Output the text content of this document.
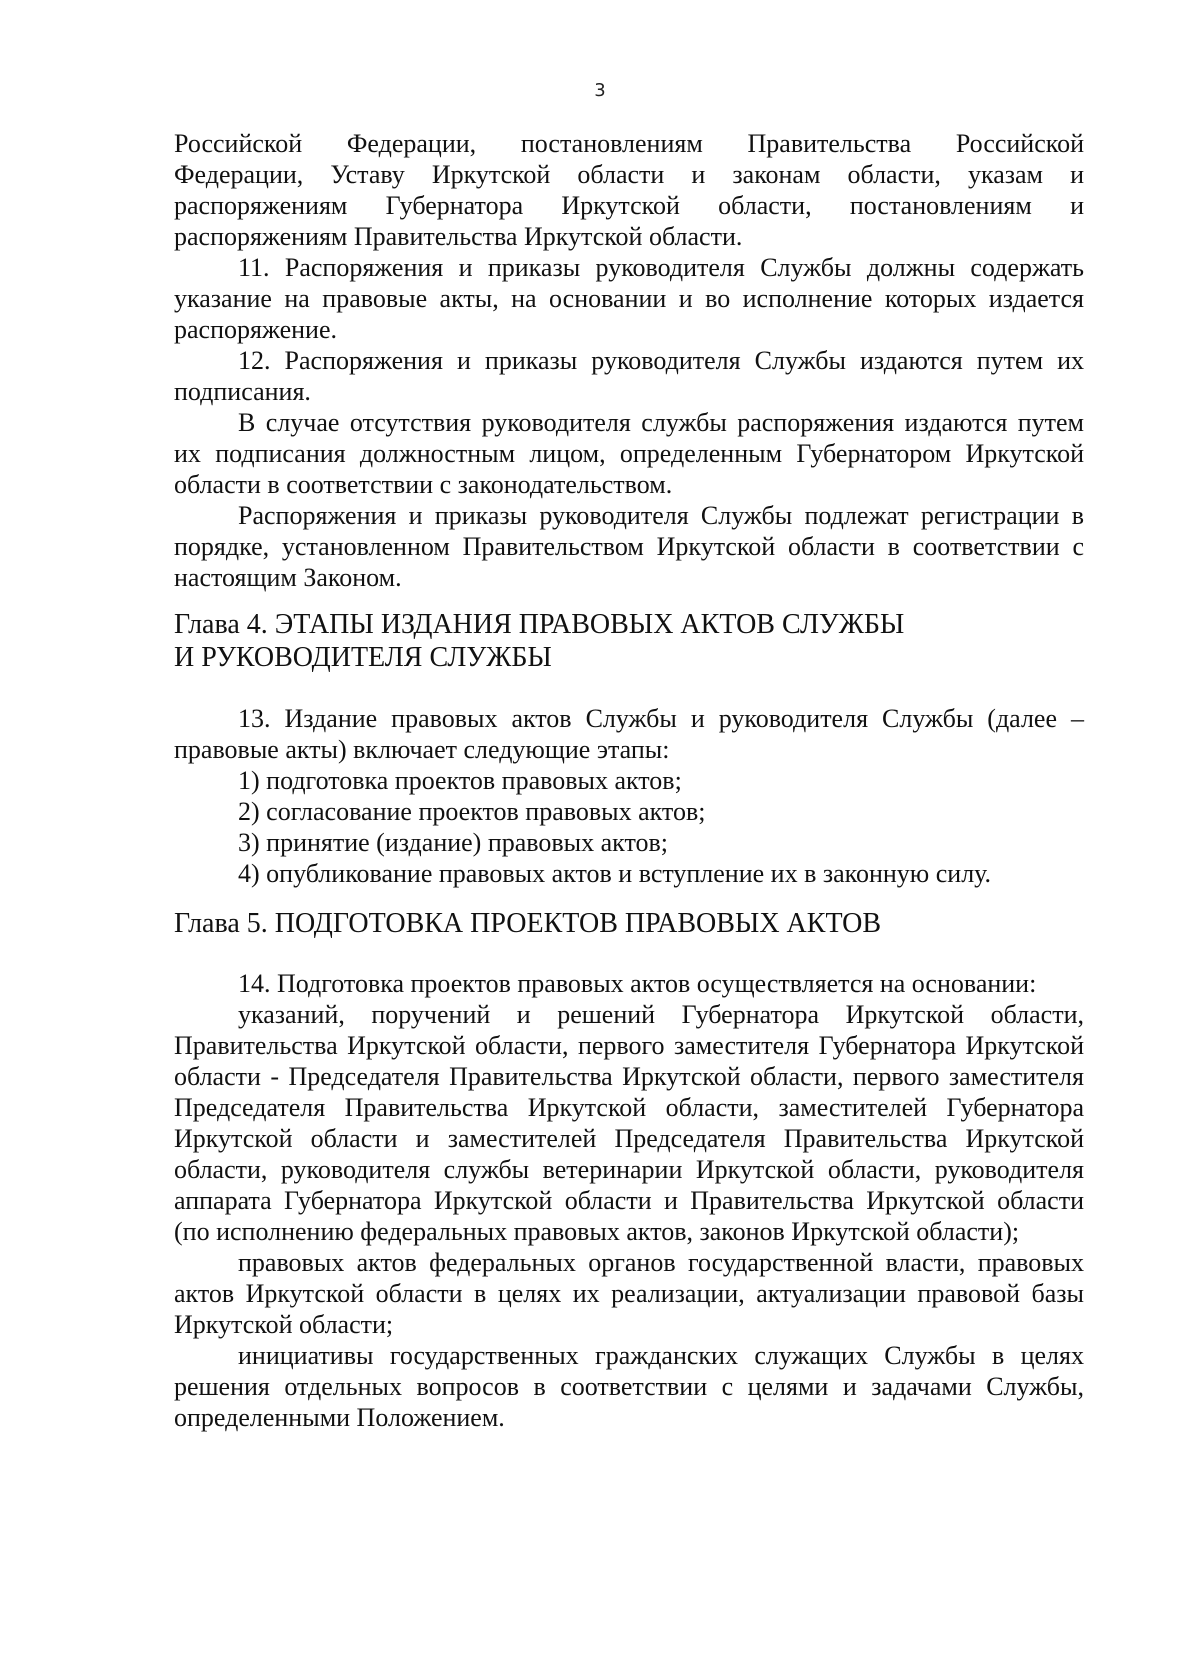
3

Российской Федерации, постановлениям Правительства Российской

Федерации, Уставу Иркутской области и законам области, указам и

распоряжениям Губернатора Иркутской области, постановлениям и

распоряжениям Правительства Иркутской области.

11. Распоряжения и приказы руководителя Службы должны содержать указание на правовые акты, на основании и во исполнение которых издается распоряжение.

12. Распоряжения и приказы руководителя Службы издаются путем их подписания.

В случае отсутствия руководителя службы распоряжения издаются путем их подписания должностным лицом, определенным Губернатором Иркутской области в соответствии с законодательством.

Распоряжения и приказы руководителя Службы подлежат регистрации в порядке, установленном Правительством Иркутской области в соответствии с настоящим Законом.

Глава 4. ЭТАПЫ ИЗДАНИЯ ПРАВОВЫХ АКТОВ СЛУЖБЫ

И РУКОВОДИТЕЛЯ СЛУЖБЫ

13. Издание правовых актов Службы и руководителя Службы (далее – правовые акты) включает следующие этапы:

1) подготовка проектов правовых актов;

2) согласование проектов правовых актов;

3) принятие (издание) правовых актов;

4) опубликование правовых актов и вступление их в законную силу.

Глава 5. ПОДГОТОВКА ПРОЕКТОВ ПРАВОВЫХ АКТОВ

14. Подготовка проектов правовых актов осуществляется на основании:

указаний, поручений и решений Губернатора Иркутской области, Правительства Иркутской области, первого заместителя Губернатора Иркутской области - Председателя Правительства Иркутской области, первого заместителя Председателя Правительства Иркутской области, заместителей Губернатора Иркутской области и заместителей Председателя Правительства Иркутской области, руководителя службы ветеринарии Иркутской области, руководителя аппарата Губернатора Иркутской области и Правительства Иркутской области (по исполнению федеральных правовых актов, законов Иркутской области);

правовых актов федеральных органов государственной власти, правовых актов Иркутской области в целях их реализации, актуализации правовой базы Иркутской области;

инициативы государственных гражданских служащих Службы в целях решения отдельных вопросов в соответствии с целями и задачами Службы, определенными Положением.
